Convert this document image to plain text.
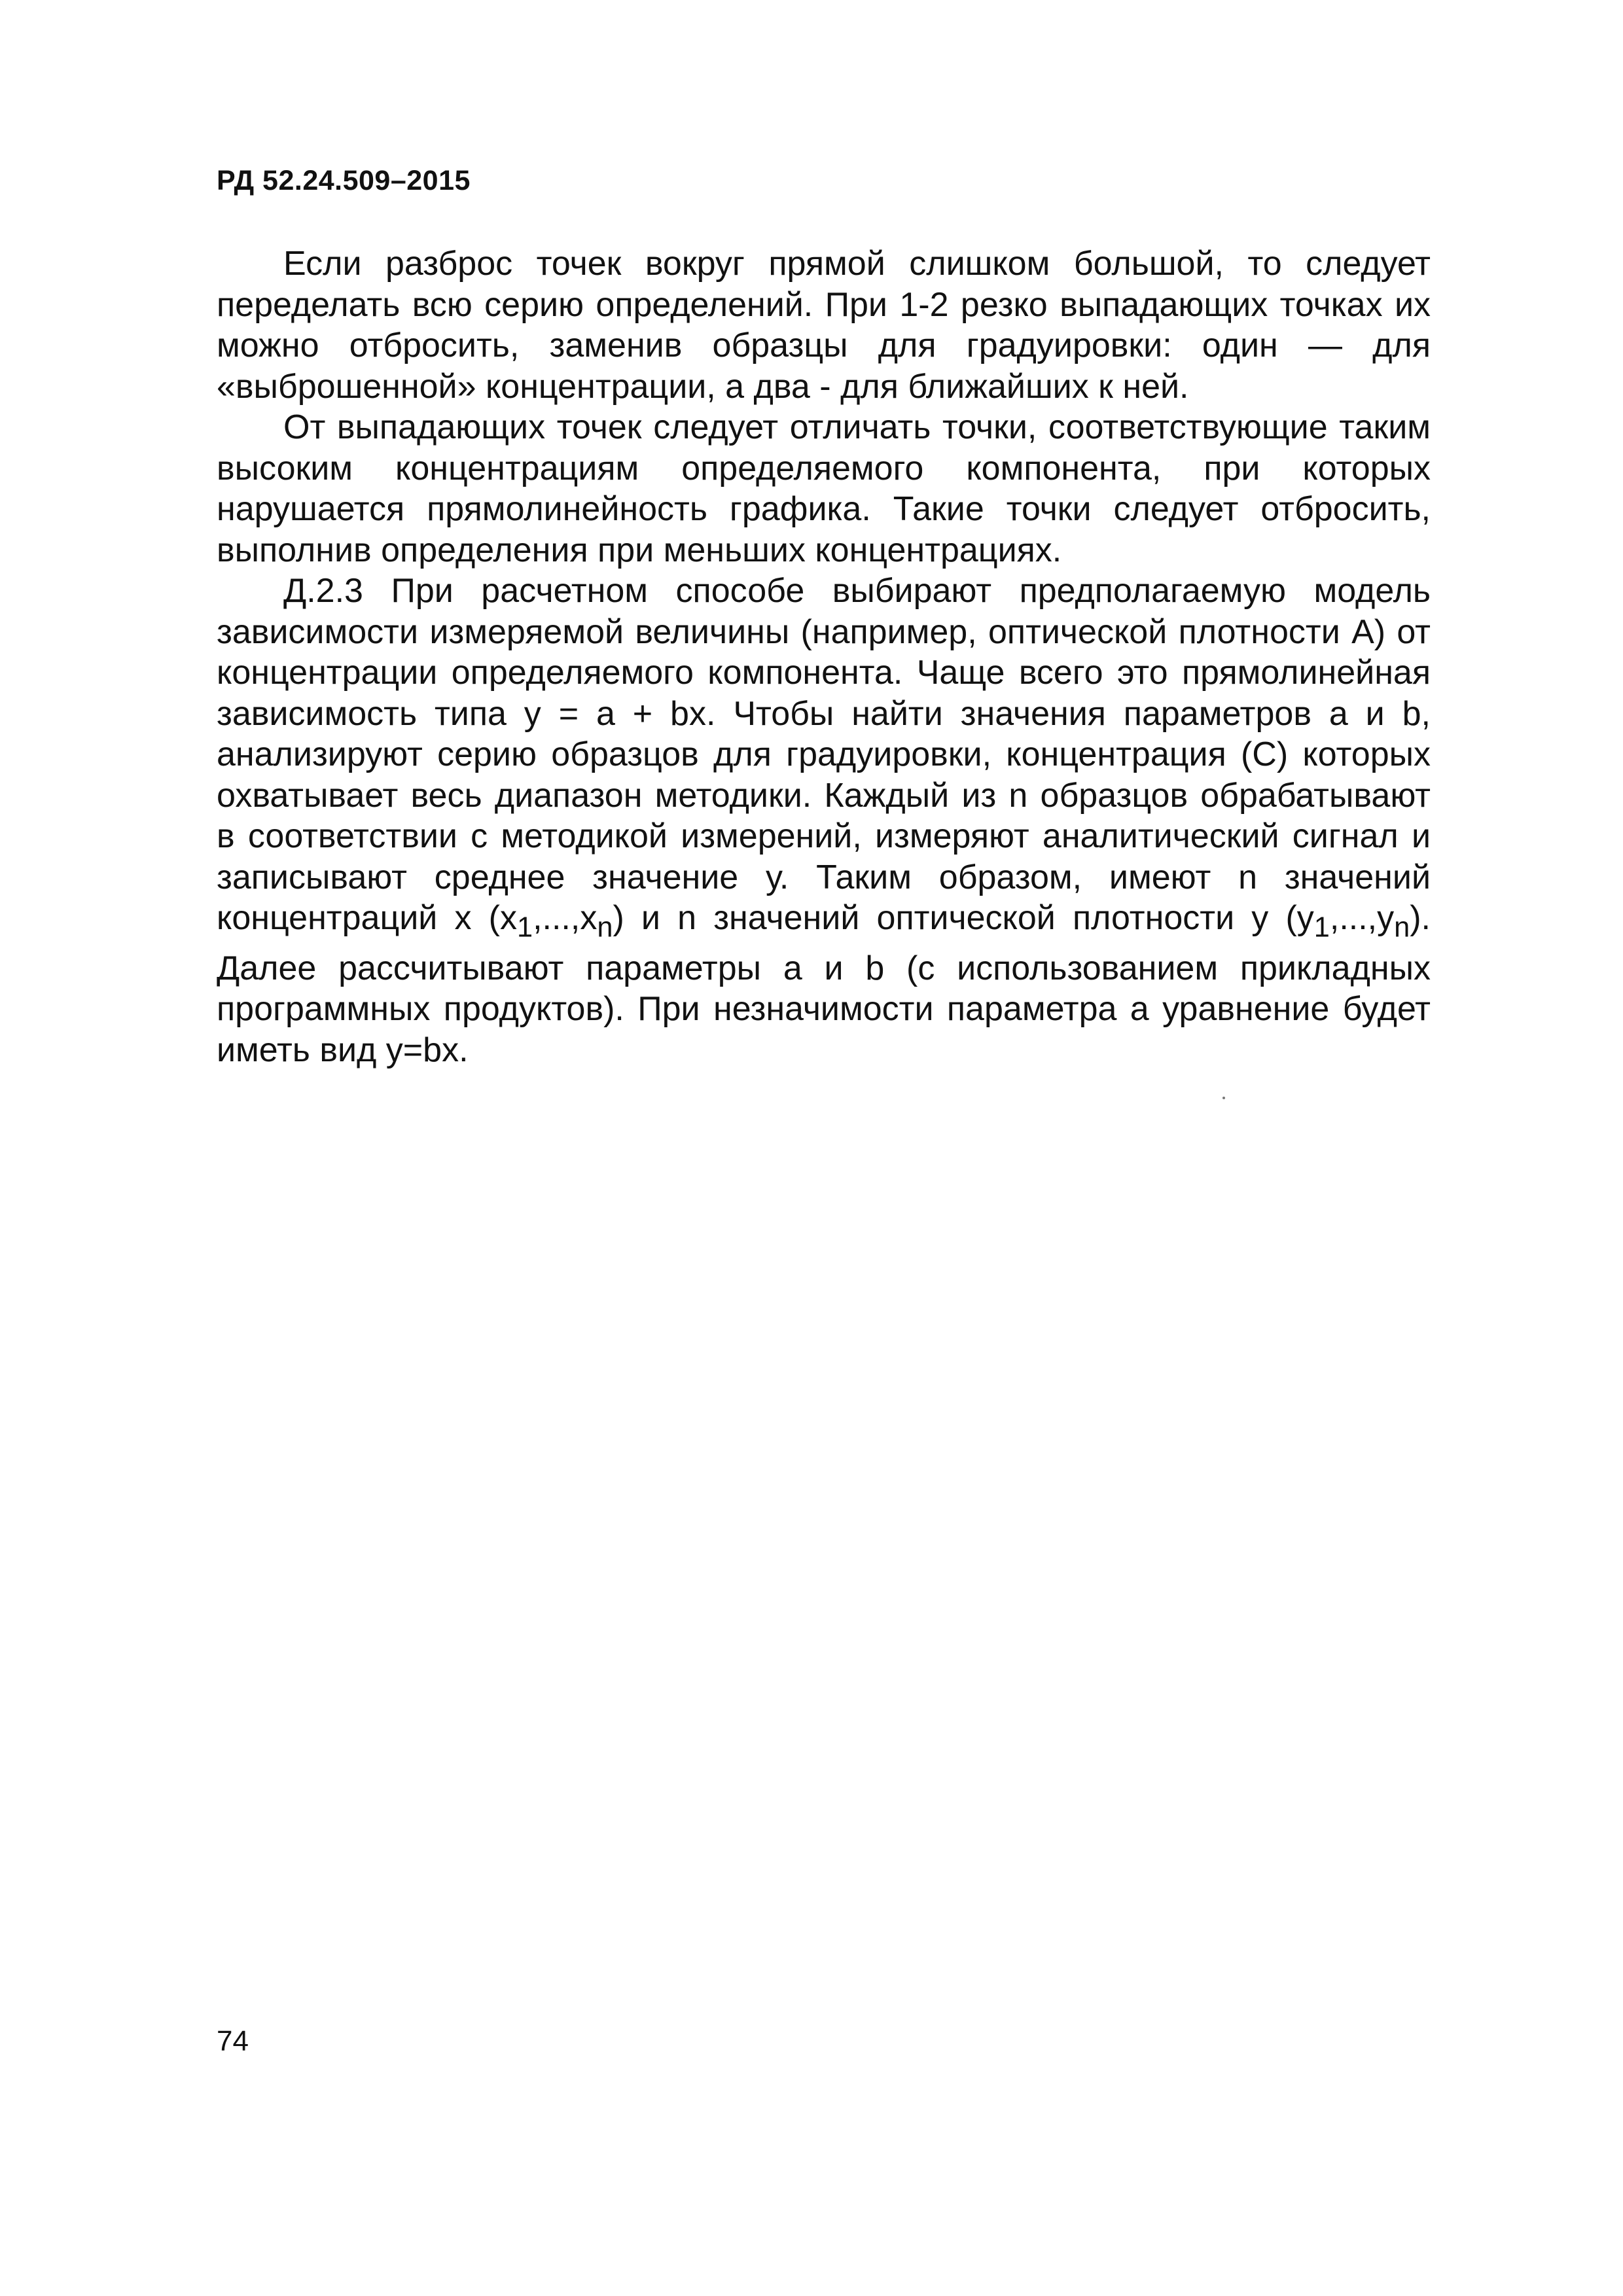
РД 52.24.509–2015

Если разброс точек вокруг прямой слишком большой, то следует переделать всю серию определений. При 1-2 резко выпадающих точках их можно отбросить, заменив образцы для градуировки: один — для «выброшенной» концентрации, а два - для ближайших к ней.

От выпадающих точек следует отличать точки, соответствующие таким высоким концентрациям определяемого компонента, при которых нарушается прямолинейность графика. Такие точки следует отбросить, выполнив определения при меньших концентрациях.

Д.2.3 При расчетном способе выбирают предполагаемую модель зависимости измеряемой величины (например, оптической плотности А) от концентрации определяемого компонента. Чаще всего это прямолинейная зависимость типа у = а + bх. Чтобы найти значения параметров а и b, анализируют серию образцов для градуировки, концентрация (С) которых охватывает весь диапазон методики. Каждый из n образцов обрабатывают в соответствии с методикой измерений, измеряют аналитический сигнал и записывают среднее значение у. Таким образом, имеют n значений концентраций х $(х_1,...,х_n)$ и n значений оптической плотности у $(у_1,...,у_n)$. Далее рассчитывают параметры а и b (с использованием прикладных программных продуктов). При незначимости параметра а уравнение будет иметь вид у=bх.

74
